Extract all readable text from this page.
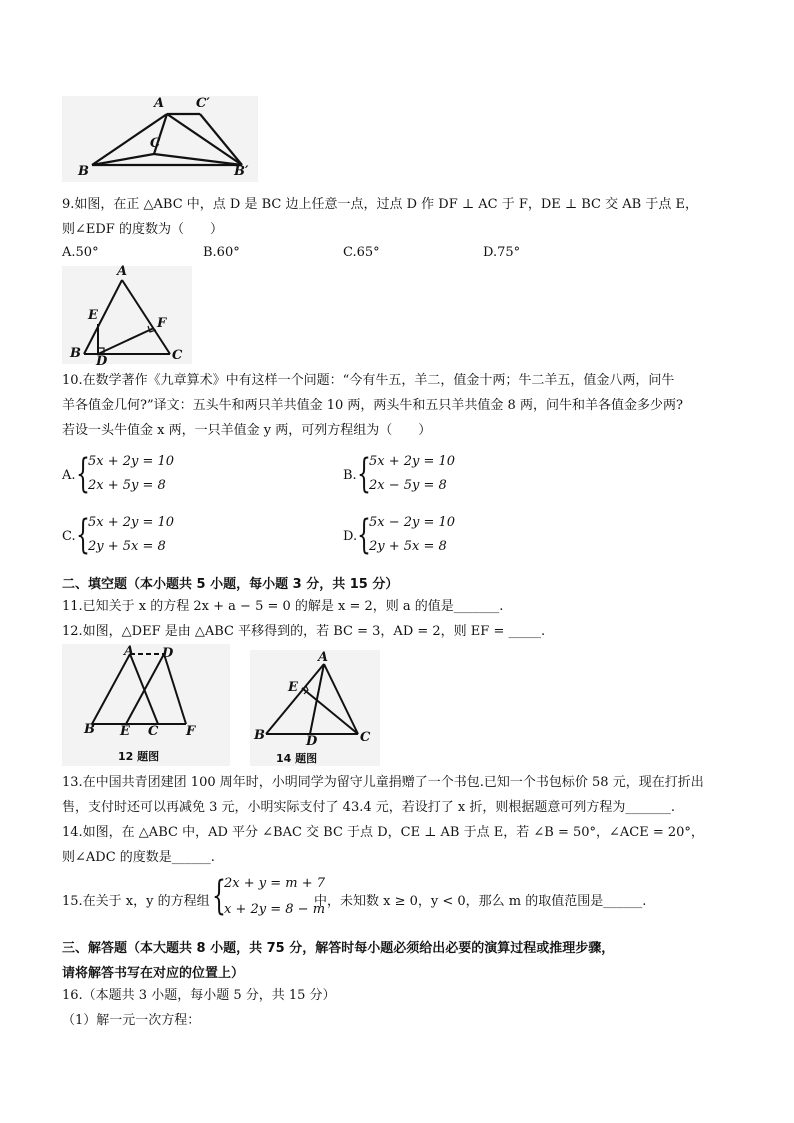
A C′
C
B	B′
9.如图，在正 △ABC 中，点 D 是 BC 边上任意一点，过点 D 作 DF ⊥ AC 于 F，DE ⊥ BC 交 AB 于点 E，
则∠EDF 的度数为（　　）
A.50°	B.60°	C.65°	D.75°
A
E
F
B
D	C
10.在数学著作《九章算术》中有这样一个问题：“今有牛五，羊二，值金十两；牛二羊五，值金八两，问牛
羊各值金几何?”译文：五头牛和两只羊共值金 10 两，两头牛和五只羊共值金 8 两，问牛和羊各值金多少两?
若设一头牛值金 x 两，一只羊值金 y 两，可列方程组为（　　）
A. {
5x + 2y = 10
2x + 5y = 8
B. {
5x + 2y = 10
2x − 5y = 8
C. {
5x + 2y = 10
2y + 5x = 8
D. {
5x − 2y = 10
2y + 5x = 8
二、填空题（本小题共 5 小题，每小题 3 分，共 15 分）
11.已知关于 x 的方程 2x + a − 5 = 0 的解是 x = 2，则 a 的值是_______.
12.如图，△DEF 是由 △ABC 平移得到的，若 BC = 3，AD = 2，则 EF = _____.
A D
B E C F
12 题图
A
E
B	D	C
14 题图
13.在中国共青团建团 100 周年时，小明同学为留守儿童捐赠了一个书包.已知一个书包标价 58 元，现在打折出
售，支付时还可以再减免 3 元，小明实际支付了 43.4 元，若设打了 x 折，则根据题意可列方程为_______.
14.如图，在 △ABC 中，AD 平分 ∠BAC 交 BC 于点 D，CE ⊥ AB 于点 E，若 ∠B = 50°，∠ACE = 20°，
则∠ADC 的度数是______.
15.在关于 x，y 的方程组 {
2x + y = m + 7
x + 2y = 8 − m
中，未知数 x ≥ 0，y < 0，那么 m 的取值范围是______.
三、解答题（本大题共 8 小题，共 75 分，解答时每小题必须给出必要的演算过程或推理步骤，
请将解答书写在对应的位置上）
16.（本题共 3 小题，每小题 5 分，共 15 分）
（1）解一元一次方程：
